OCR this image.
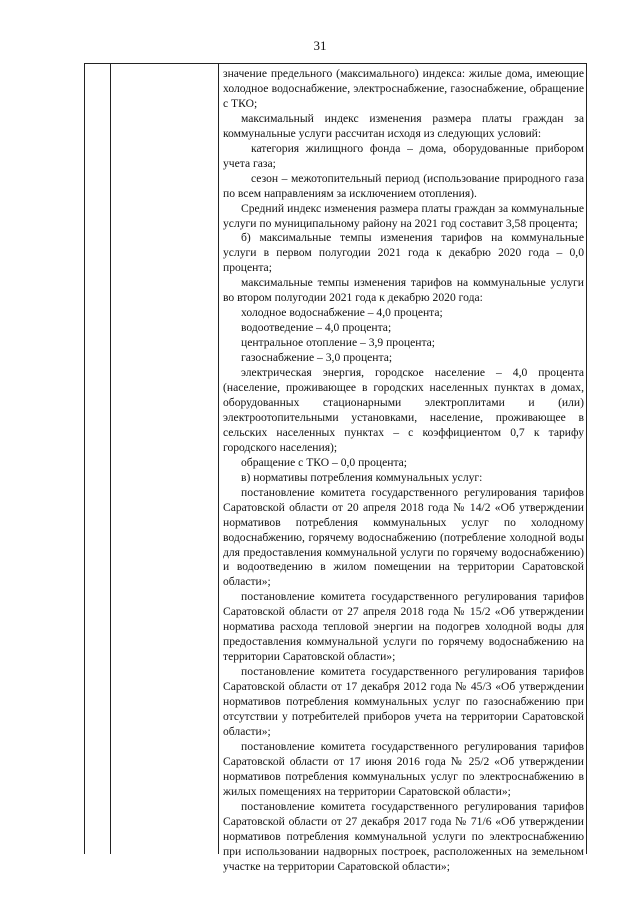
31

значение предельного (максимального) индекса: жилые дома, имеющие холодное водоснабжение, электроснабжение, газоснабжение, обращение с ТКО;

максимальный индекс изменения размера платы граждан за коммунальные услуги рассчитан исходя из следующих условий:

категория жилищного фонда – дома, оборудованные прибором учета газа;

сезон – межотопительный период (использование природного газа по всем направлениям за исключением отопления).

Средний индекс изменения размера платы граждан за коммунальные услуги по муниципальному району на 2021 год составит 3,58 процента;

б) максимальные темпы изменения тарифов на коммунальные услуги в первом полугодии 2021 года к декабрю 2020 года – 0,0 процента;

максимальные темпы изменения тарифов на коммунальные услуги во втором полугодии 2021 года к декабрю 2020 года:

холодное водоснабжение – 4,0 процента;

водоотведение – 4,0 процента;

центральное отопление – 3,9 процента;

газоснабжение – 3,0 процента;

электрическая энергия, городское население – 4,0 процента (население, проживающее в городских населенных пунктах в домах, оборудованных стационарными электроплитами и (или) электроотопительными установками, население, проживающее в сельских населенных пунктах – с коэффициентом 0,7 к тарифу городского населения);

обращение с ТКО – 0,0 процента;

в) нормативы потребления коммунальных услуг:

постановление комитета государственного регулирования тарифов Саратовской области от 20 апреля 2018 года № 14/2 «Об утверждении нормативов потребления коммунальных услуг по холодному водоснабжению, горячему водоснабжению (потребление холодной воды для предоставления коммунальной услуги по горячему водоснабжению) и водоотведению в жилом помещении на территории Саратовской области»;

постановление комитета государственного регулирования тарифов Саратовской области от 27 апреля 2018 года № 15/2 «Об утверждении норматива расхода тепловой энергии на подогрев холодной воды для предоставления коммунальной услуги по горячему водоснабжению на территории Саратовской области»;

постановление комитета государственного регулирования тарифов Саратовской области от 17 декабря 2012 года № 45/3 «Об утверждении нормативов потребления коммунальных услуг по газоснабжению при отсутствии у потребителей приборов учета на территории Саратовской области»;

постановление комитета государственного регулирования тарифов Саратовской области от 17 июня 2016 года № 25/2 «Об утверждении нормативов потребления коммунальных услуг по электроснабжению в жилых помещениях на территории Саратовской области»;

постановление комитета государственного регулирования тарифов Саратовской области от 27 декабря 2017 года № 71/6 «Об утверждении нормативов потребления коммунальной услуги по электроснабжению при использовании надворных построек, расположенных на земельном участке на территории Саратовской области»;
